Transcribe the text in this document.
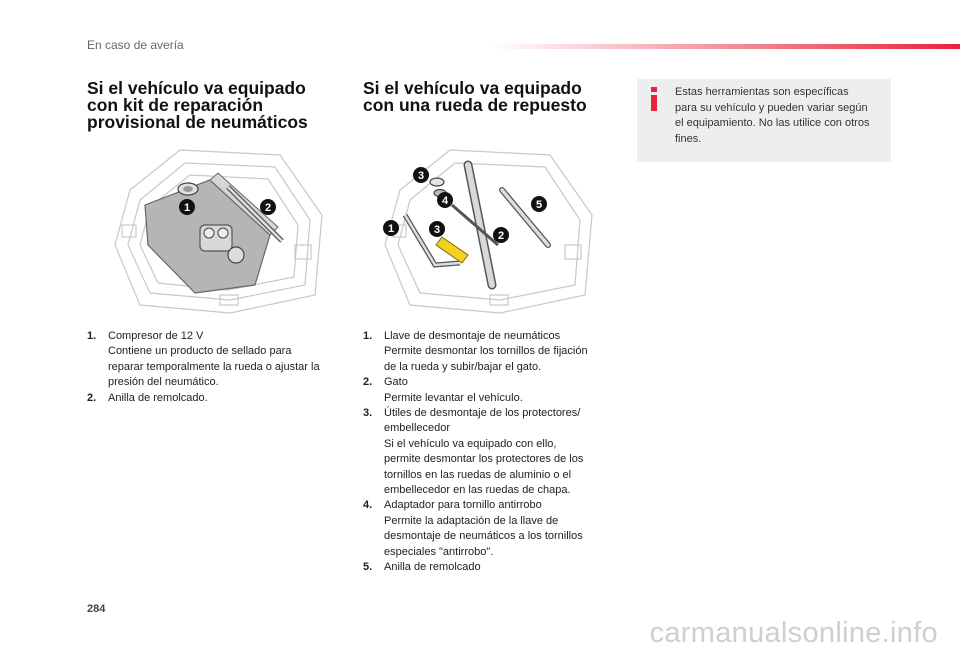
En caso de avería
Si el vehículo va equipado
con kit de reparación
provisional de neumáticos
Si el vehículo va equipado
con una rueda de repuesto
Estas herramientas son específicas
para su vehículo y pueden variar según
el equipamiento. No las utilice con otros
fines.
1	2
3
4	5
1	3	2
1. Compresor de 12 V
Contiene un producto de sellado para
reparar temporalmente la rueda o ajustar la
presión del neumático.
2. Anilla de remolcado.
1. Llave de desmontaje de neumáticos
Permite desmontar los tornillos de fijación
de la rueda y subir/bajar el gato.
2. Gato
Permite levantar el vehículo.
3. Útiles de desmontaje de los protectores/
embellecedor
Si el vehículo va equipado con ello,
permite desmontar los protectores de los
tornillos en las ruedas de aluminio o el
embellecedor en las ruedas de chapa.
4. Adaptador para tornillo antirrobo
Permite la adaptación de la llave de
desmontaje de neumáticos a los tornillos
especiales "antirrobo".
5. Anilla de remolcado
284
carmanualsonline.info
